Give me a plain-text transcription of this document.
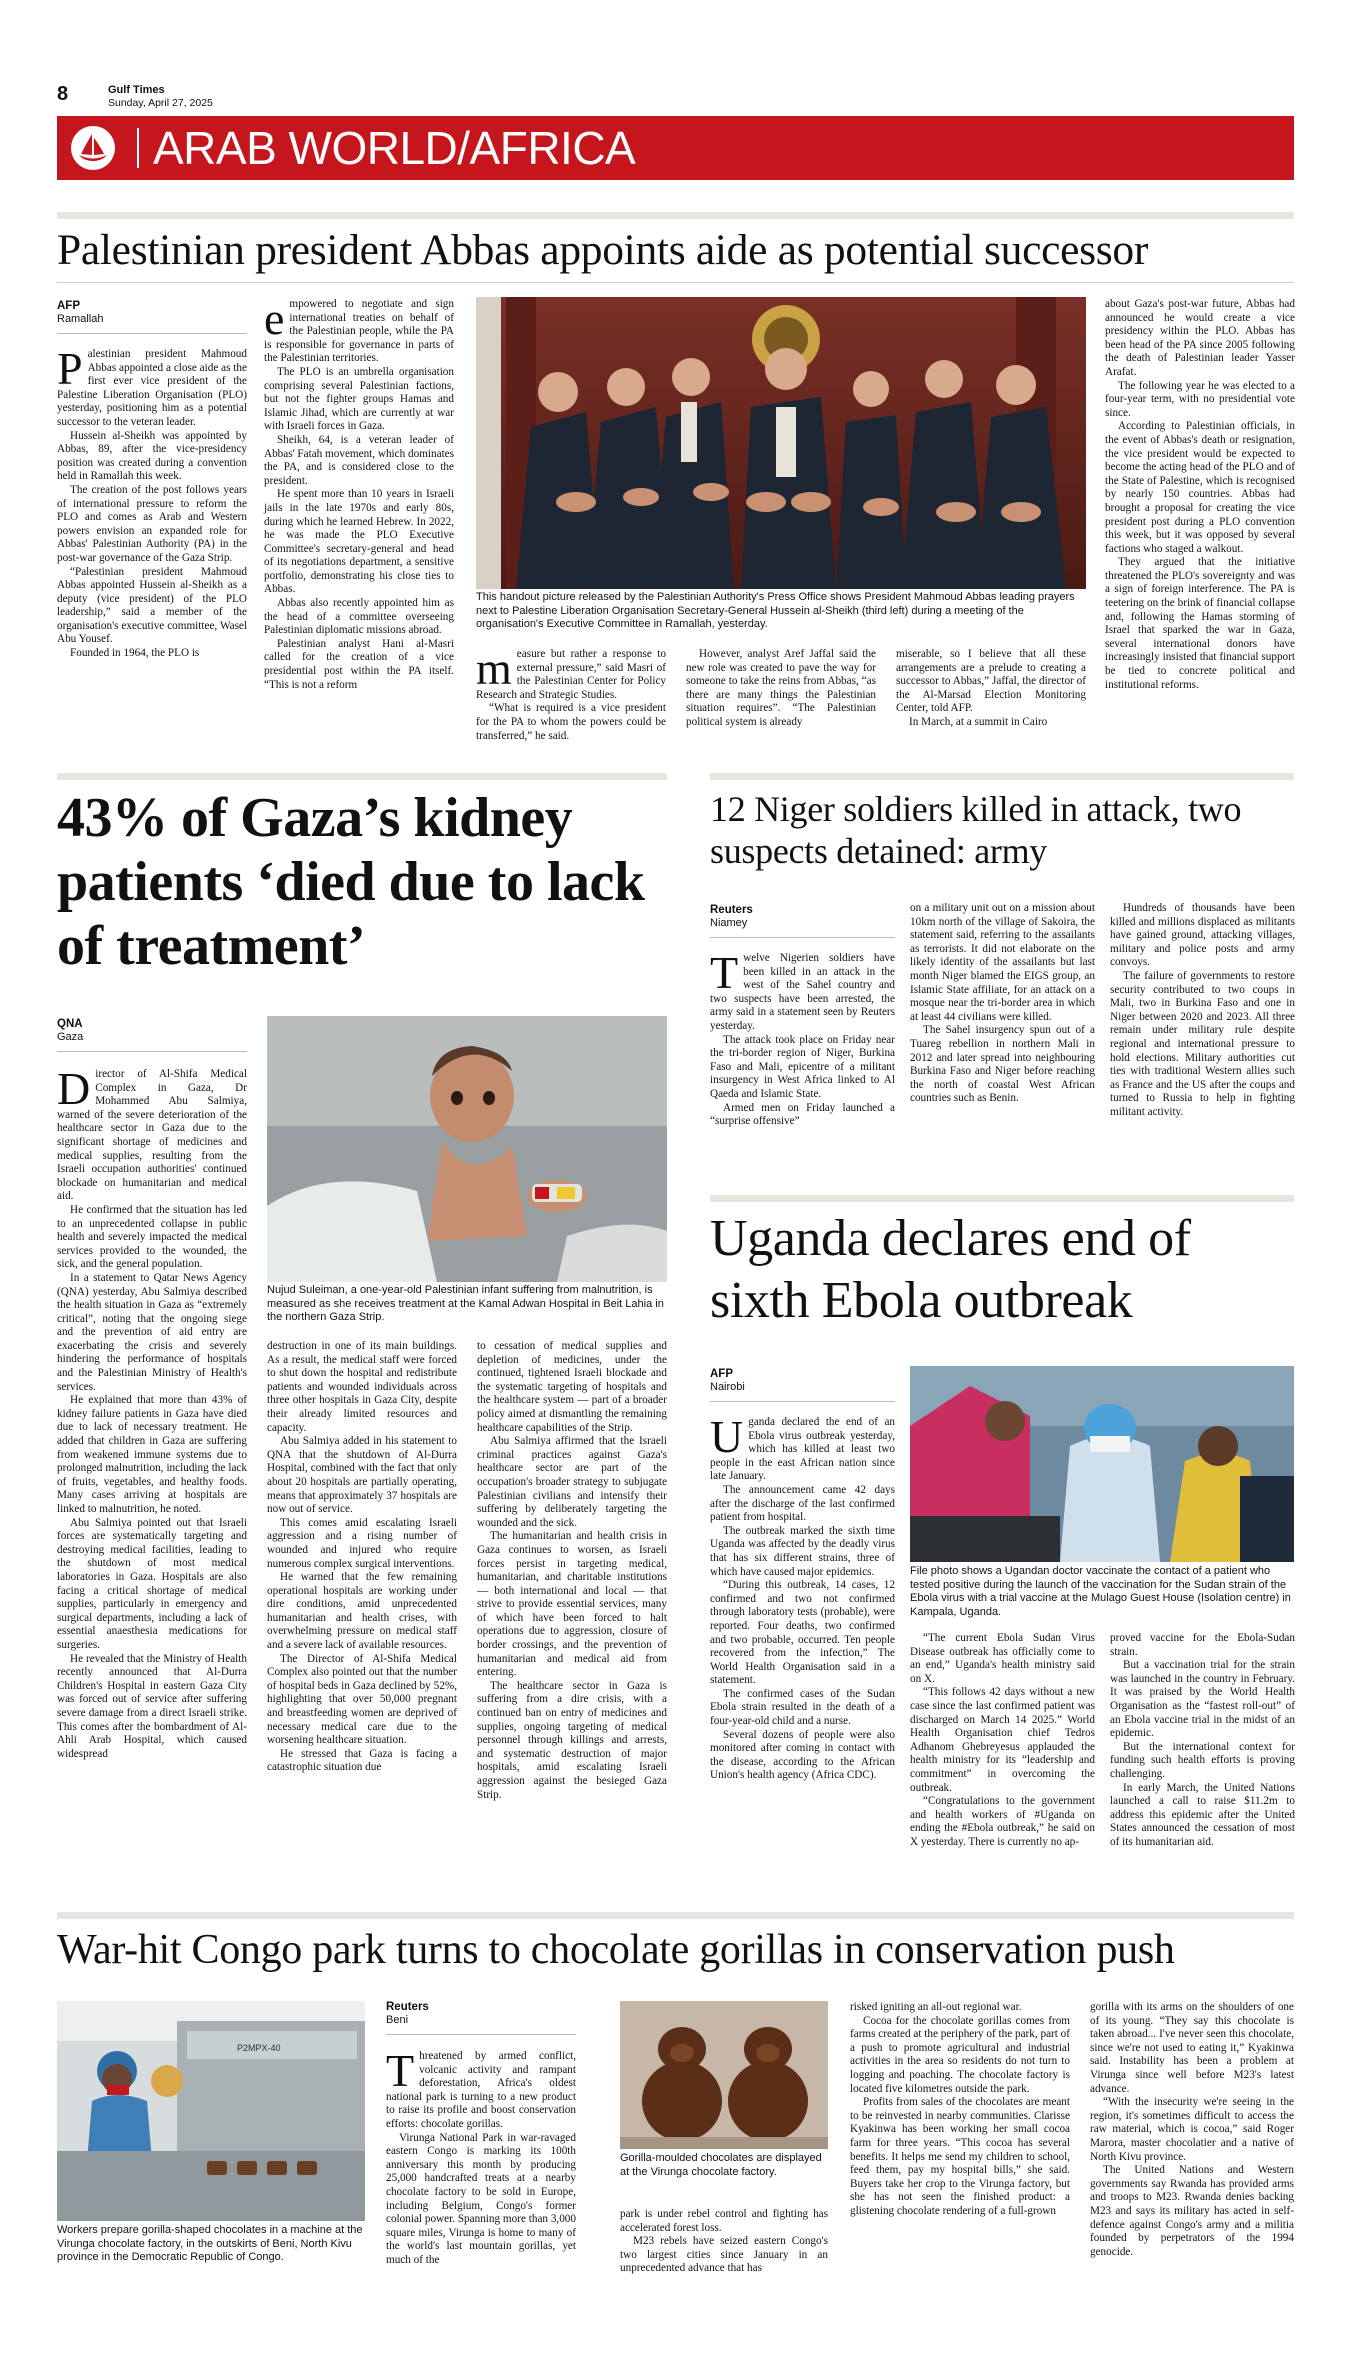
8	Gulf Times
Sunday, April 27, 2025
ARAB WORLD/AFRICA
Palestinian president Abbas appoints aide as potential successor
AFP
Ramallah

Palestinian president Mahmoud Abbas appointed a close aide as the first ever vice president of the Palestine Liberation Organisation (PLO) yesterday, positioning him as a potential successor to the veteran leader.

Hussein al-Sheikh was appointed by Abbas, 89, after the vice-presidency position was created during a convention held in Ramallah this week.

The creation of the post follows years of international pressure to reform the PLO and comes as Arab and Western powers envision an expanded role for Abbas' Palestinian Authority (PA) in the post-war governance of the Gaza Strip.

“Palestinian president Mahmoud Abbas appointed Hussein al-Sheikh as a deputy (vice president) of the PLO leadership,” said a member of the organisation's executive committee, Wasel Abu Yousef.

Founded in 1964, the PLO is

empowered to negotiate and sign international treaties on behalf of the Palestinian people, while the PA is responsible for governance in parts of the Palestinian territories.

The PLO is an umbrella organisation comprising several Palestinian factions, but not the fighter groups Hamas and Islamic Jihad, which are currently at war with Israeli forces in Gaza.

Sheikh, 64, is a veteran leader of Abbas' Fatah movement, which dominates the PA, and is considered close to the president.

He spent more than 10 years in Israeli jails in the late 1970s and early 80s, during which he learned Hebrew. In 2022, he was made the PLO Executive Committee's secretary-general and head of its negotiations department, a sensitive portfolio, demonstrating his close ties to Abbas.

Abbas also recently appointed him as the head of a committee overseeing Palestinian diplomatic missions abroad.

Palestinian analyst Hani al-Masri called for the creation of a vice presidential post within the PA itself. “This is not a reform

This handout picture released by the Palestinian Authority's Press Office shows President Mahmoud Abbas leading prayers next to Palestine Liberation Organisation Secretary-General Hussein al-Sheikh (third left) during a meeting of the organisation's Executive Committee in Ramallah, yesterday.

measure but rather a response to external pressure,” said Masri of the Palestinian Center for Policy Research and Strategic Studies.

“What is required is a vice president for the PA to whom the powers could be transferred,” he said.

However, analyst Aref Jaffal said the new role was created to pave the way for someone to take the reins from Abbas, “as there are many things the Palestinian situation requires”. “The Palestinian political system is already

miserable, so I believe that all these arrangements are a prelude to creating a successor to Abbas,” Jaffal, the director of the Al-Marsad Election Monitoring Center, told AFP.

In March, at a summit in Cairo

about Gaza's post-war future, Abbas had announced he would create a vice presidency within the PLO. Abbas has been head of the PA since 2005 following the death of Palestinian leader Yasser Arafat.

The following year he was elected to a four-year term, with no presidential vote since.

According to Palestinian officials, in the event of Abbas's death or resignation, the vice president would be expected to become the acting head of the PLO and of the State of Palestine, which is recognised by nearly 150 countries. Abbas had brought a proposal for creating the vice president post during a PLO convention this week, but it was opposed by several factions who staged a walkout.

They argued that the initiative threatened the PLO's sovereignty and was a sign of foreign interference. The PA is teetering on the brink of financial collapse and, following the Hamas storming of Israel that sparked the war in Gaza, several international donors have increasingly insisted that financial support be tied to concrete political and institutional reforms.

43% of Gaza’s kidney patients ‘died due to lack of treatment’
QNA
Gaza

Director of Al-Shifa Medical Complex in Gaza, Dr Mohammed Abu Salmiya, warned of the severe deterioration of the healthcare sector in Gaza due to the significant shortage of medicines and medical supplies, resulting from the Israeli occupation authorities' continued blockade on humanitarian and medical aid.

He confirmed that the situation has led to an unprecedented collapse in public health and severely impacted the medical services provided to the wounded, the sick, and the general population.

In a statement to Qatar News Agency (QNA) yesterday, Abu Salmiya described the health situation in Gaza as “extremely critical”, noting that the ongoing siege and the prevention of aid entry are exacerbating the crisis and severely hindering the performance of hospitals and the Palestinian Ministry of Health's services.

He explained that more than 43% of kidney failure patients in Gaza have died due to lack of necessary treatment. He added that children in Gaza are suffering from weakened immune systems due to prolonged malnutrition, including the lack of fruits, vegetables, and healthy foods. Many cases arriving at hospitals are linked to malnutrition, he noted.

Abu Salmiya pointed out that Israeli forces are systematically targeting and destroying medical facilities, leading to the shutdown of most medical laboratories in Gaza. Hospitals are also facing a critical shortage of medical supplies, particularly in emergency and surgical departments, including a lack of essential anaesthesia medications for surgeries.

He revealed that the Ministry of Health recently announced that Al-Durra Children's Hospital in eastern Gaza City was forced out of service after suffering severe damage from a direct Israeli strike. This comes after the bombardment of Al-Ahli Arab Hospital, which caused widespread

Nujud Suleiman, a one-year-old Palestinian infant suffering from malnutrition, is measured as she receives treatment at the Kamal Adwan Hospital in Beit Lahia in the northern Gaza Strip.

destruction in one of its main buildings. As a result, the medical staff were forced to shut down the hospital and redistribute patients and wounded individuals across three other hospitals in Gaza City, despite their already limited resources and capacity.

Abu Salmiya added in his statement to QNA that the shutdown of Al-Durra Hospital, combined with the fact that only about 20 hospitals are partially operating, means that approximately 37 hospitals are now out of service.

This comes amid escalating Israeli aggression and a rising number of wounded and injured who require numerous complex surgical interventions.

He warned that the few remaining operational hospitals are working under dire conditions, amid unprecedented humanitarian and health crises, with overwhelming pressure on medical staff and a severe lack of available resources.

The Director of Al-Shifa Medical Complex also pointed out that the number of hospital beds in Gaza declined by 52%, highlighting that over 50,000 pregnant and breastfeeding women are deprived of necessary medical care due to the worsening healthcare situation.

He stressed that Gaza is facing a catastrophic situation due

to cessation of medical supplies and depletion of medicines, under the continued, tightened Israeli blockade and the systematic targeting of hospitals and the healthcare system — part of a broader policy aimed at dismantling the remaining healthcare capabilities of the Strip.

Abu Salmiya affirmed that the Israeli criminal practices against Gaza's healthcare sector are part of the occupation's broader strategy to subjugate Palestinian civilians and intensify their suffering by deliberately targeting the wounded and the sick.

The humanitarian and health crisis in Gaza continues to worsen, as Israeli forces persist in targeting medical, humanitarian, and charitable institutions — both international and local — that strive to provide essential services, many of which have been forced to halt operations due to aggression, closure of border crossings, and the prevention of humanitarian and medical aid from entering.

The healthcare sector in Gaza is suffering from a dire crisis, with a continued ban on entry of medicines and supplies, ongoing targeting of medical personnel through killings and arrests, and systematic destruction of major hospitals, amid escalating Israeli aggression against the besieged Gaza Strip.

12 Niger soldiers killed in attack, two suspects detained: army
Reuters
Niamey

Twelve Nigerien soldiers have been killed in an attack in the west of the Sahel country and two suspects have been arrested, the army said in a statement seen by Reuters yesterday.

The attack took place on Friday near the tri-border region of Niger, Burkina Faso and Mali, epicentre of a militant insurgency in West Africa linked to Al Qaeda and Islamic State.

Armed men on Friday launched a “surprise offensive”

on a military unit out on a mission about 10km north of the village of Sakoira, the statement said, referring to the assailants as terrorists. It did not elaborate on the likely identity of the assailants but last month Niger blamed the EIGS group, an Islamic State affiliate, for an attack on a mosque near the tri-border area in which at least 44 civilians were killed.

The Sahel insurgency spun out of a Tuareg rebellion in northern Mali in 2012 and later spread into neighbouring Burkina Faso and Niger before reaching the north of coastal West African countries such as Benin.

Hundreds of thousands have been killed and millions displaced as militants have gained ground, attacking villages, military and police posts and army convoys.

The failure of governments to restore security contributed to two coups in Mali, two in Burkina Faso and one in Niger between 2020 and 2023. All three remain under military rule despite regional and international pressure to hold elections. Military authorities cut ties with traditional Western allies such as France and the US after the coups and turned to Russia to help in fighting militant activity.

Uganda declares end of sixth Ebola outbreak
AFP
Nairobi

Uganda declared the end of an Ebola virus outbreak yesterday, which has killed at least two people in the east African nation since late January.

The announcement came 42 days after the discharge of the last confirmed patient from hospital.

The outbreak marked the sixth time Uganda was affected by the deadly virus that has six different strains, three of which have caused major epidemics.

“During this outbreak, 14 cases, 12 confirmed and two not confirmed through laboratory tests (probable), were reported. Four deaths, two confirmed and two probable, occurred. Ten people recovered from the infection,” The World Health Organisation said in a statement.

The confirmed cases of the Sudan Ebola strain resulted in the death of a four-year-old child and a nurse.

Several dozens of people were also monitored after coming in contact with the disease, according to the African Union's health agency (Africa CDC).

File photo shows a Ugandan doctor vaccinate the contact of a patient who tested positive during the launch of the vaccination for the Sudan strain of the Ebola virus with a trial vaccine at the Mulago Guest House (Isolation centre) in Kampala, Uganda.

“The current Ebola Sudan Virus Disease outbreak has officially come to an end,” Uganda's health ministry said on X.

“This follows 42 days without a new case since the last confirmed patient was discharged on March 14 2025.” World Health Organisation chief Tedros Adhanom Ghebreyesus applauded the health ministry for its “leadership and commitment” in overcoming the outbreak.

“Congratulations to the government and health workers of #Uganda on ending the #Ebola outbreak,” he said on X yesterday. There is currently no ap-

proved vaccine for the Ebola-Sudan strain.

But a vaccination trial for the strain was launched in the country in February. It was praised by the World Health Organisation as the “fastest roll-out” of an Ebola vaccine trial in the midst of an epidemic.

But the international context for funding such health efforts is proving challenging.

In early March, the United Nations launched a call to raise $11.2m to address this epidemic after the United States announced the cessation of most of its humanitarian aid.

War-hit Congo park turns to chocolate gorillas in conservation push
P2MPX-40
Workers prepare gorilla-shaped chocolates in a machine at the Virunga chocolate factory, in the outskirts of Beni, North Kivu province in the Democratic Republic of Congo.
Reuters
Beni

Threatened by armed conflict, volcanic activity and rampant deforestation, Africa's oldest national park is turning to a new product to raise its profile and boost conservation efforts: chocolate gorillas.

Virunga National Park in war-ravaged eastern Congo is marking its 100th anniversary this month by producing 25,000 handcrafted treats at a nearby chocolate factory to be sold in Europe, including Belgium, Congo's former colonial power. Spanning more than 3,000 square miles, Virunga is home to many of the world's last mountain gorillas, yet much of the

Gorilla-moulded chocolates are displayed at the Virunga chocolate factory.

park is under rebel control and fighting has accelerated forest loss.

M23 rebels have seized eastern Congo's two largest cities since January in an unprecedented advance that has

risked igniting an all-out regional war.

Cocoa for the chocolate gorillas comes from farms created at the periphery of the park, part of a push to promote agricultural and industrial activities in the area so residents do not turn to logging and poaching. The chocolate factory is located five kilometres outside the park.

Profits from sales of the chocolates are meant to be reinvested in nearby communities. Clarisse Kyakinwa has been working her small cocoa farm for three years. “This cocoa has several benefits. It helps me send my children to school, feed them, pay my hospital bills,” she said. Buyers take her crop to the Virunga factory, but she has not seen the finished product: a glistening chocolate rendering of a full-grown

gorilla with its arms on the shoulders of one of its young. “They say this chocolate is taken abroad... I've never seen this chocolate, since we're not used to eating it,” Kyakinwa said. Instability has been a problem at Virunga since well before M23's latest advance.

“With the insecurity we're seeing in the region, it's sometimes difficult to access the raw material, which is cocoa,” said Roger Marora, master chocolatier and a native of North Kivu province.

The United Nations and Western governments say Rwanda has provided arms and troops to M23. Rwanda denies backing M23 and says its military has acted in self-defence against Congo's army and a militia founded by perpetrators of the 1994 genocide.
